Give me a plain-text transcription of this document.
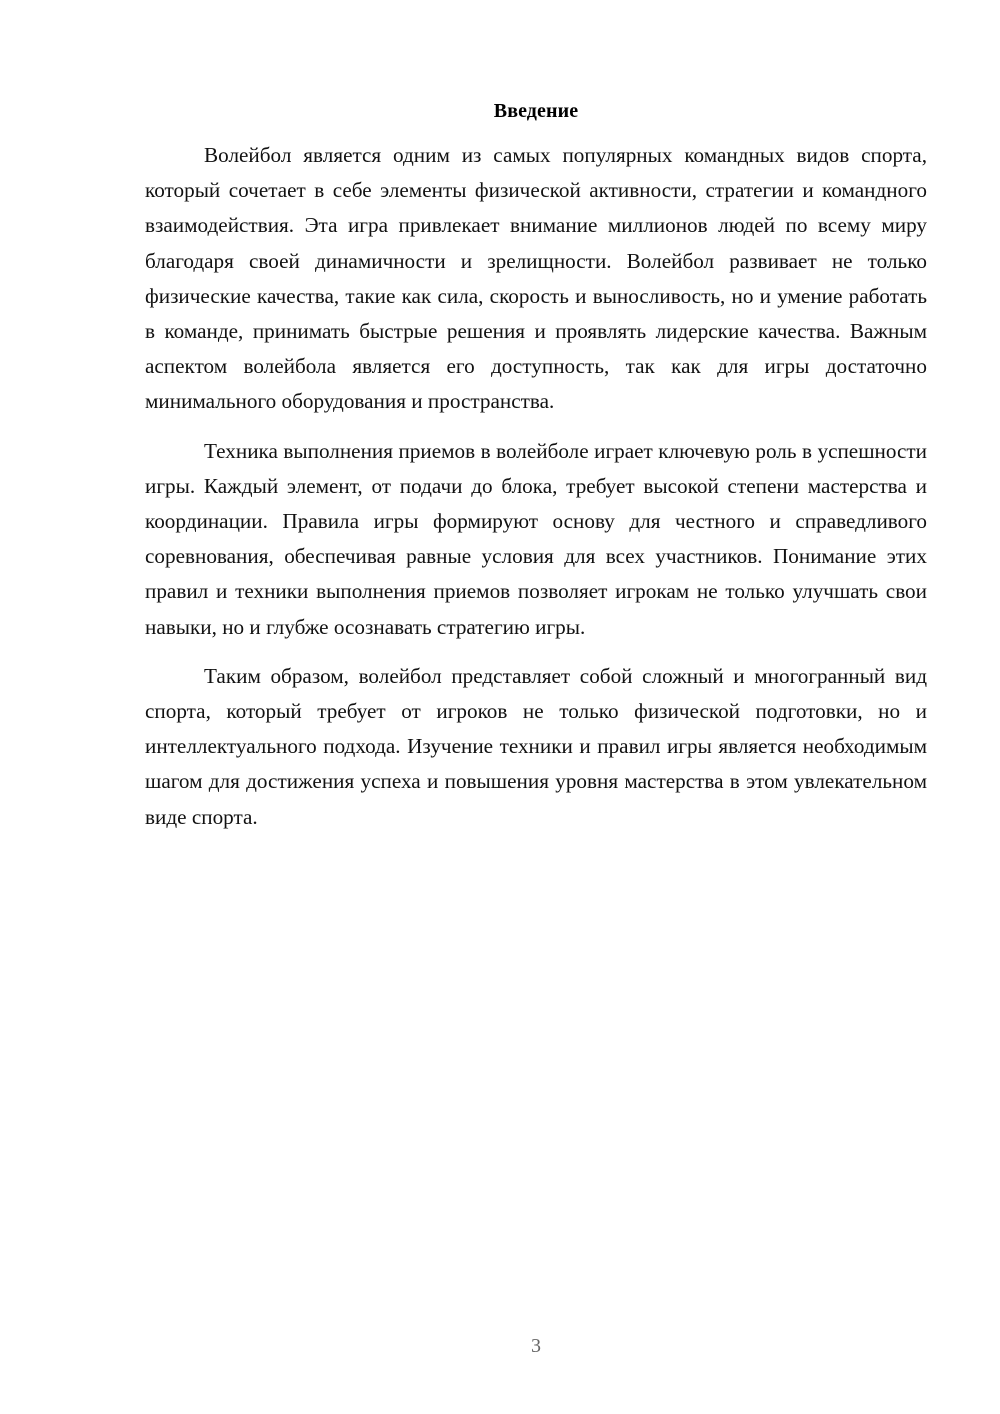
Введение

Волейбол является одним из самых популярных командных видов спорта, который сочетает в себе элементы физической активности, стратегии и командного взаимодействия. Эта игра привлекает внимание миллионов людей по всему миру благодаря своей динамичности и зрелищности. Волейбол развивает не только физические качества, такие как сила, скорость и выносливость, но и умение работать в команде, принимать быстрые решения и проявлять лидерские качества. Важным аспектом волейбола является его доступность, так как для игры достаточно минимального оборудования и пространства.

Техника выполнения приемов в волейболе играет ключевую роль в успешности игры. Каждый элемент, от подачи до блока, требует высокой степени мастерства и координации. Правила игры формируют основу для честного и справедливого соревнования, обеспечивая равные условия для всех участников. Понимание этих правил и техники выполнения приемов позволяет игрокам не только улучшать свои навыки, но и глубже осознавать стратегию игры.

Таким образом, волейбол представляет собой сложный и многогранный вид спорта, который требует от игроков не только физической подготовки, но и интеллектуального подхода. Изучение техники и правил игры является необходимым шагом для достижения успеха и повышения уровня мастерства в этом увлекательном виде спорта.

3
